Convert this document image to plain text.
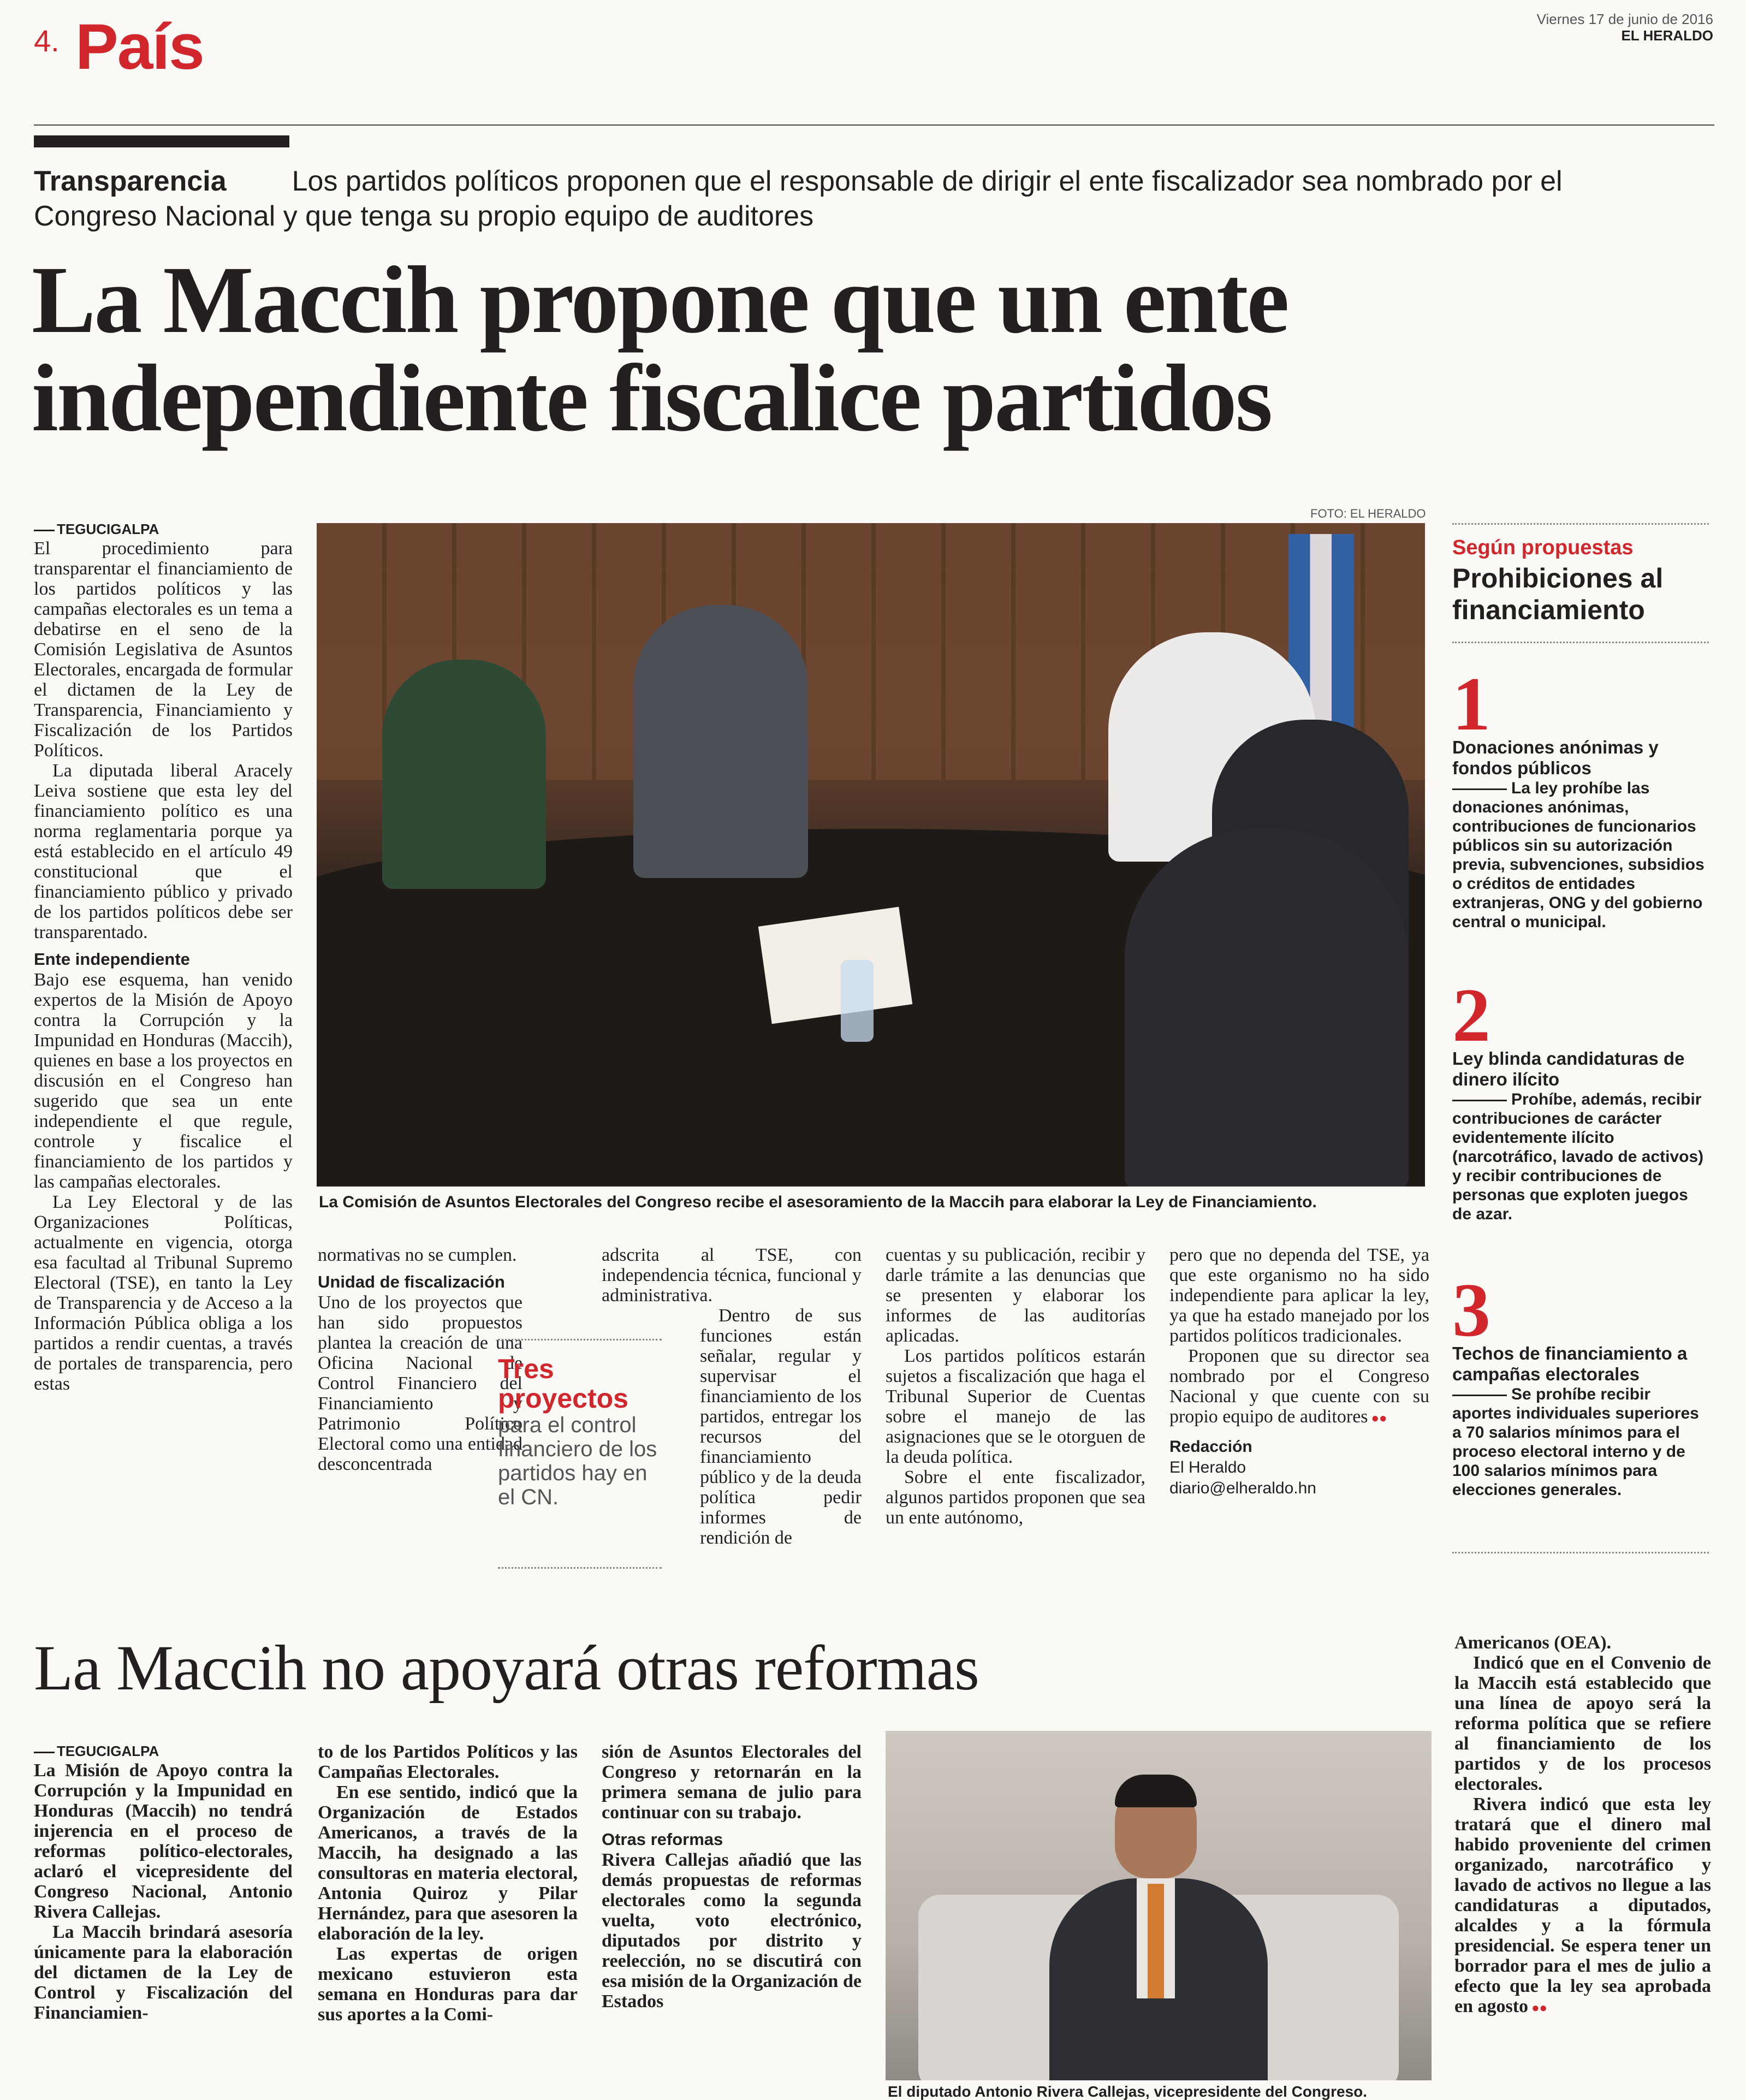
4. País	Viernes 17 de junio de 2016
EL HERALDO
Transparencia Los partidos políticos proponen que el responsable de dirigir el ente fiscalizador sea nombrado por el Congreso Nacional y que tenga su propio equipo de auditores
La Maccih propone que un ente
independiente fiscalice partidos
FOTO: EL HERALDO
La Comisión de Asuntos Electorales del Congreso recibe el asesoramiento de la Maccih para elaborar la Ley de Financiamiento.
TEGUCIGALPA

El procedimiento para transparentar el financiamiento de los partidos políticos y las campañas electorales es un tema a debatirse en el seno de la Comisión Legislativa de Asuntos Electorales, encargada de formular el dictamen de la Ley de Transparencia, Financiamiento y Fiscalización de los Partidos Políticos.

La diputada liberal Aracely Leiva sostiene que esta ley del financiamiento político es una norma reglamentaria porque ya está establecido en el artículo 49 constitucional que el financiamiento público y privado de los partidos políticos debe ser transparentado.

Ente independiente

Bajo ese esquema, han venido expertos de la Misión de Apoyo contra la Corrupción y la Impunidad en Honduras (Maccih), quienes en base a los proyectos en discusión en el Congreso han sugerido que sea un ente independiente el que regule, controle y fiscalice el financiamiento de los partidos y las campañas electorales.

La Ley Electoral y de las Organizaciones Políticas, actualmente en vigencia, otorga esa facultad al Tribunal Supremo Electoral (TSE), en tanto la Ley de Transparencia y de Acceso a la Información Pública obliga a los partidos a rendir cuentas, a través de portales de transparencia, pero estas

normativas no se cumplen.

Unidad de fiscalización

Uno de los proyectos que han sido propuestos planteа la creación de una Oficina Nacional de Control Financiero del Financiamiento y Patrimonio Político Electoral como una entidad desconcentrada

Tres proyectos
para el control financiero de los partidos hay en el CN.

adscrita al TSE, con independencia técnica, funcional y administrativa.

Dentro de sus funciones están señalar, regular y supervisar el financiamiento de los partidos, entregar los recursos del financiamiento público y de la deuda política pedir informes de rendición de

cuentas y su publicación, recibir y darle trámite a las denuncias que se presenten y elaborar los informes de las auditorías aplicadas.

Los partidos políticos estarán sujetos a fiscalización que haga el Tribunal Superior de Cuentas sobre el manejo de las asignaciones que se le otorguen de la deuda política.

Sobre el ente fiscalizador, algunos partidos proponen que sea un ente autónomo,

pero que no dependa del TSE, ya que este organismo no ha sido independiente para aplicar la ley, ya que ha estado manejado por los partidos políticos tradicionales.

Proponen que su director sea nombrado por el Congreso Nacional y que cuente con su propio equipo de auditores ●●

Redacción
El Heraldo
diario@elheraldo.hn
Según propuestas
Prohibiciones al financiamiento
1
Donaciones anónimas y fondos públicos
La ley prohíbe las donaciones anónimas, contribuciones de funcionarios públicos sin su autorización previa, subvenciones, subsidios o créditos de entidades extranjeras, ONG y del gobierno central o municipal.
2
Ley blinda candidaturas de dinero ilícito
Prohíbe, además, recibir contribuciones de carácter evidentemente ilícito (narcotráfico, lavado de activos) y recibir contribuciones de personas que exploten juegos de azar.
3
Techos de financiamiento a campañas electorales
Se prohíbe recibir aportes individuales superiores a 70 salarios mínimos para el proceso electoral interno y de 100 salarios mínimos para elecciones generales.
La Maccih no apoyará otras reformas
TEGUCIGALPA

La Misión de Apoyo contra la Corrupción y la Impunidad en Honduras (Maccih) no tendrá injerencia en el proceso de reformas político-electorales, aclaró el vicepresidente del Congreso Nacional, Antonio Rivera Callejas.

La Maccih brindará asesoría únicamente para la elaboración del dictamen de la Ley de Control y Fiscalización del Financiamien-

to de los Partidos Políticos y las Campañas Electorales.

En ese sentido, indicó que la Organización de Estados Americanos, a través de la Maccih, ha designado a las consultoras en materia electoral, Antonia Quiroz y Pilar Hernández, para que asesoren la elaboración de la ley.

Las expertas de origen mexicano estuvieron esta semana en Honduras para dar sus aportes a la Comi-

sión de Asuntos Electorales del Congreso y retornarán en la primera semana de julio para continuar con su trabajo.

Otras reformas

Rivera Callejas añadió que las demás propuestas de reformas electorales como la segunda vuelta, voto electrónico, diputados por distrito y reelección, no se discutirá con esa misión de la Organización de Estados

El diputado Antonio Rivera Callejas, vicepresidente del Congreso.

Americanos (OEA).

Indicó que en el Convenio de la Maccih está establecido que una línea de apoyo será la reforma política que se refiere al financiamiento de los partidos y de los procesos electorales.

Rivera indicó que esta ley tratará que el dinero mal habido proveniente del crimen organizado, narcotráfico y lavado de activos no llegue a las candidaturas a diputados, alcaldes y a la fórmula presidencial. Se espera tener un borrador para el mes de julio a efecto que la ley sea aprobada en agosto ●●
